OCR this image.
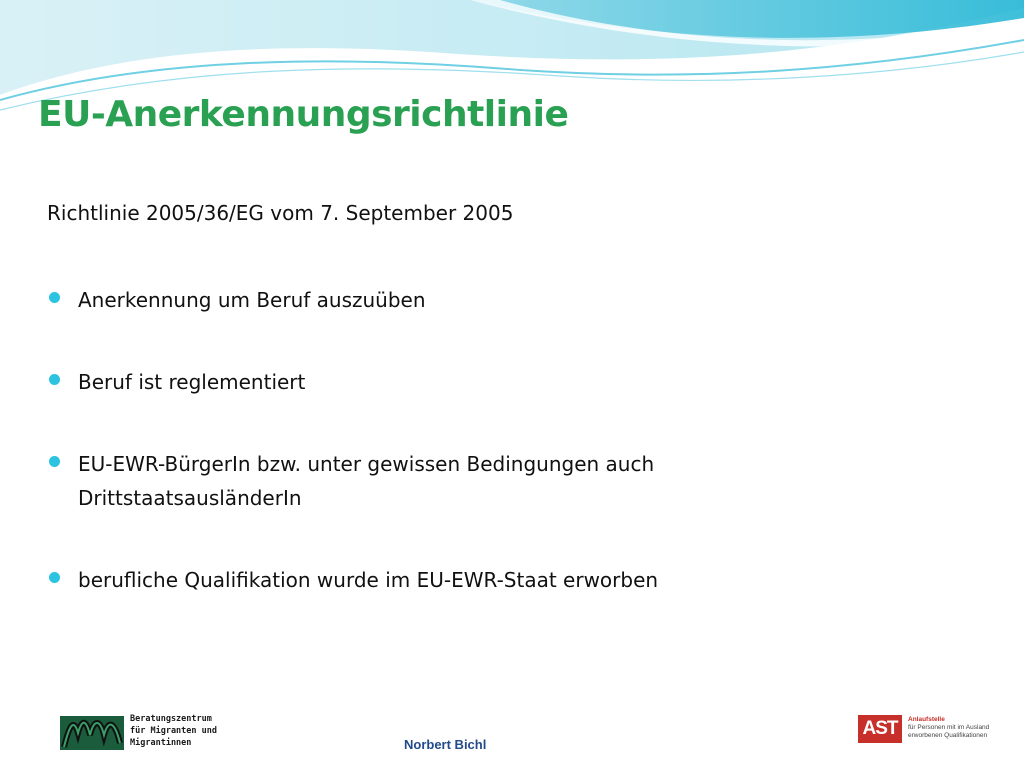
EU-Anerkennungsrichtlinie
Richtlinie 2005/36/EG vom 7. September 2005
Anerkennung um Beruf auszuüben
Beruf ist reglementiert
EU-EWR-BürgerIn bzw. unter gewissen Bedingungen auch DrittstaatsausländerIn
berufliche Qualifikation wurde im EU-EWR-Staat erworben
Beratungszentrum
für Migranten und
Migrantinnen	Norbert Bichl
AST	Anlaufstelle
für Personen mit im Ausland
erworbenen Qualifikationen
